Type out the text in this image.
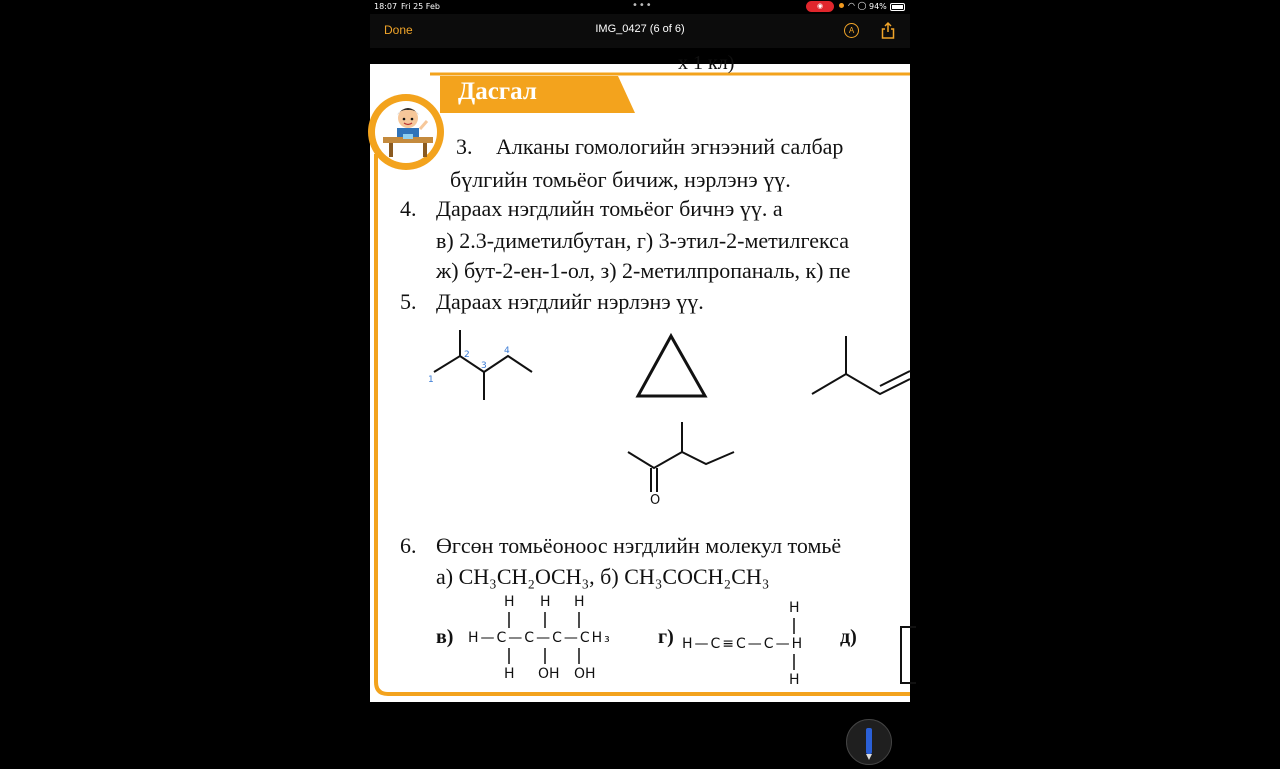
18:07 Fri 25 Feb	•••	◉	◠ ◯ 94%
Done	IMG_0427 (6 of 6)	A
х 1 кл)
Дасгал
3. Алканы гомологийн эгнээний салбар
бүлгийн томьёог бичиж, нэрлэнэ үү.
4. Дараах нэгдлийн томьёог бичнэ үү. а
в) 2.3-диметилбутан, г) 3-этил-2-метилгекса
ж) бут-2-ен-1-ол, з) 2-метилпропаналь, к) пе
5. Дараах нэгдлийг нэрлэнэ үү.
1
2
3
4
O
6. Өгсөн томьёоноос нэгдлийн молекул томьё
а) CH₃CH₂OCH₃, б) CH₃COCH₂CH₃
в)	г)	д)
H H H
H—C—C—C—CH₃
H OH OH
H
H—C≡C—C—H
H
